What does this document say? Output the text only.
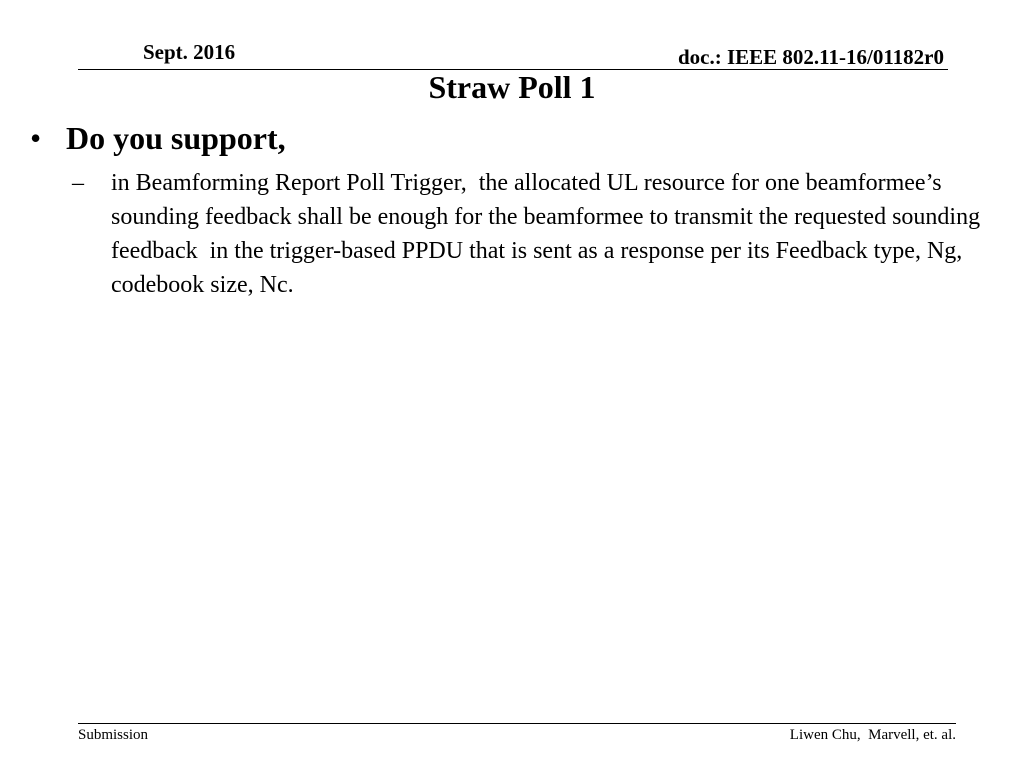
Sept. 2016	doc.: IEEE 802.11-16/01182r0
Straw Poll 1
• Do you support,
–	in Beamforming Report Poll Trigger,  the allocated UL resource for one beamformee’s   sounding feedback shall be enough for the beamformee to transmit the requested sounding feedback  in the trigger-based PPDU that is sent as a response per its Feedback type, Ng, codebook size, Nc.
Submission	Liwen Chu,  Marvell, et. al.
